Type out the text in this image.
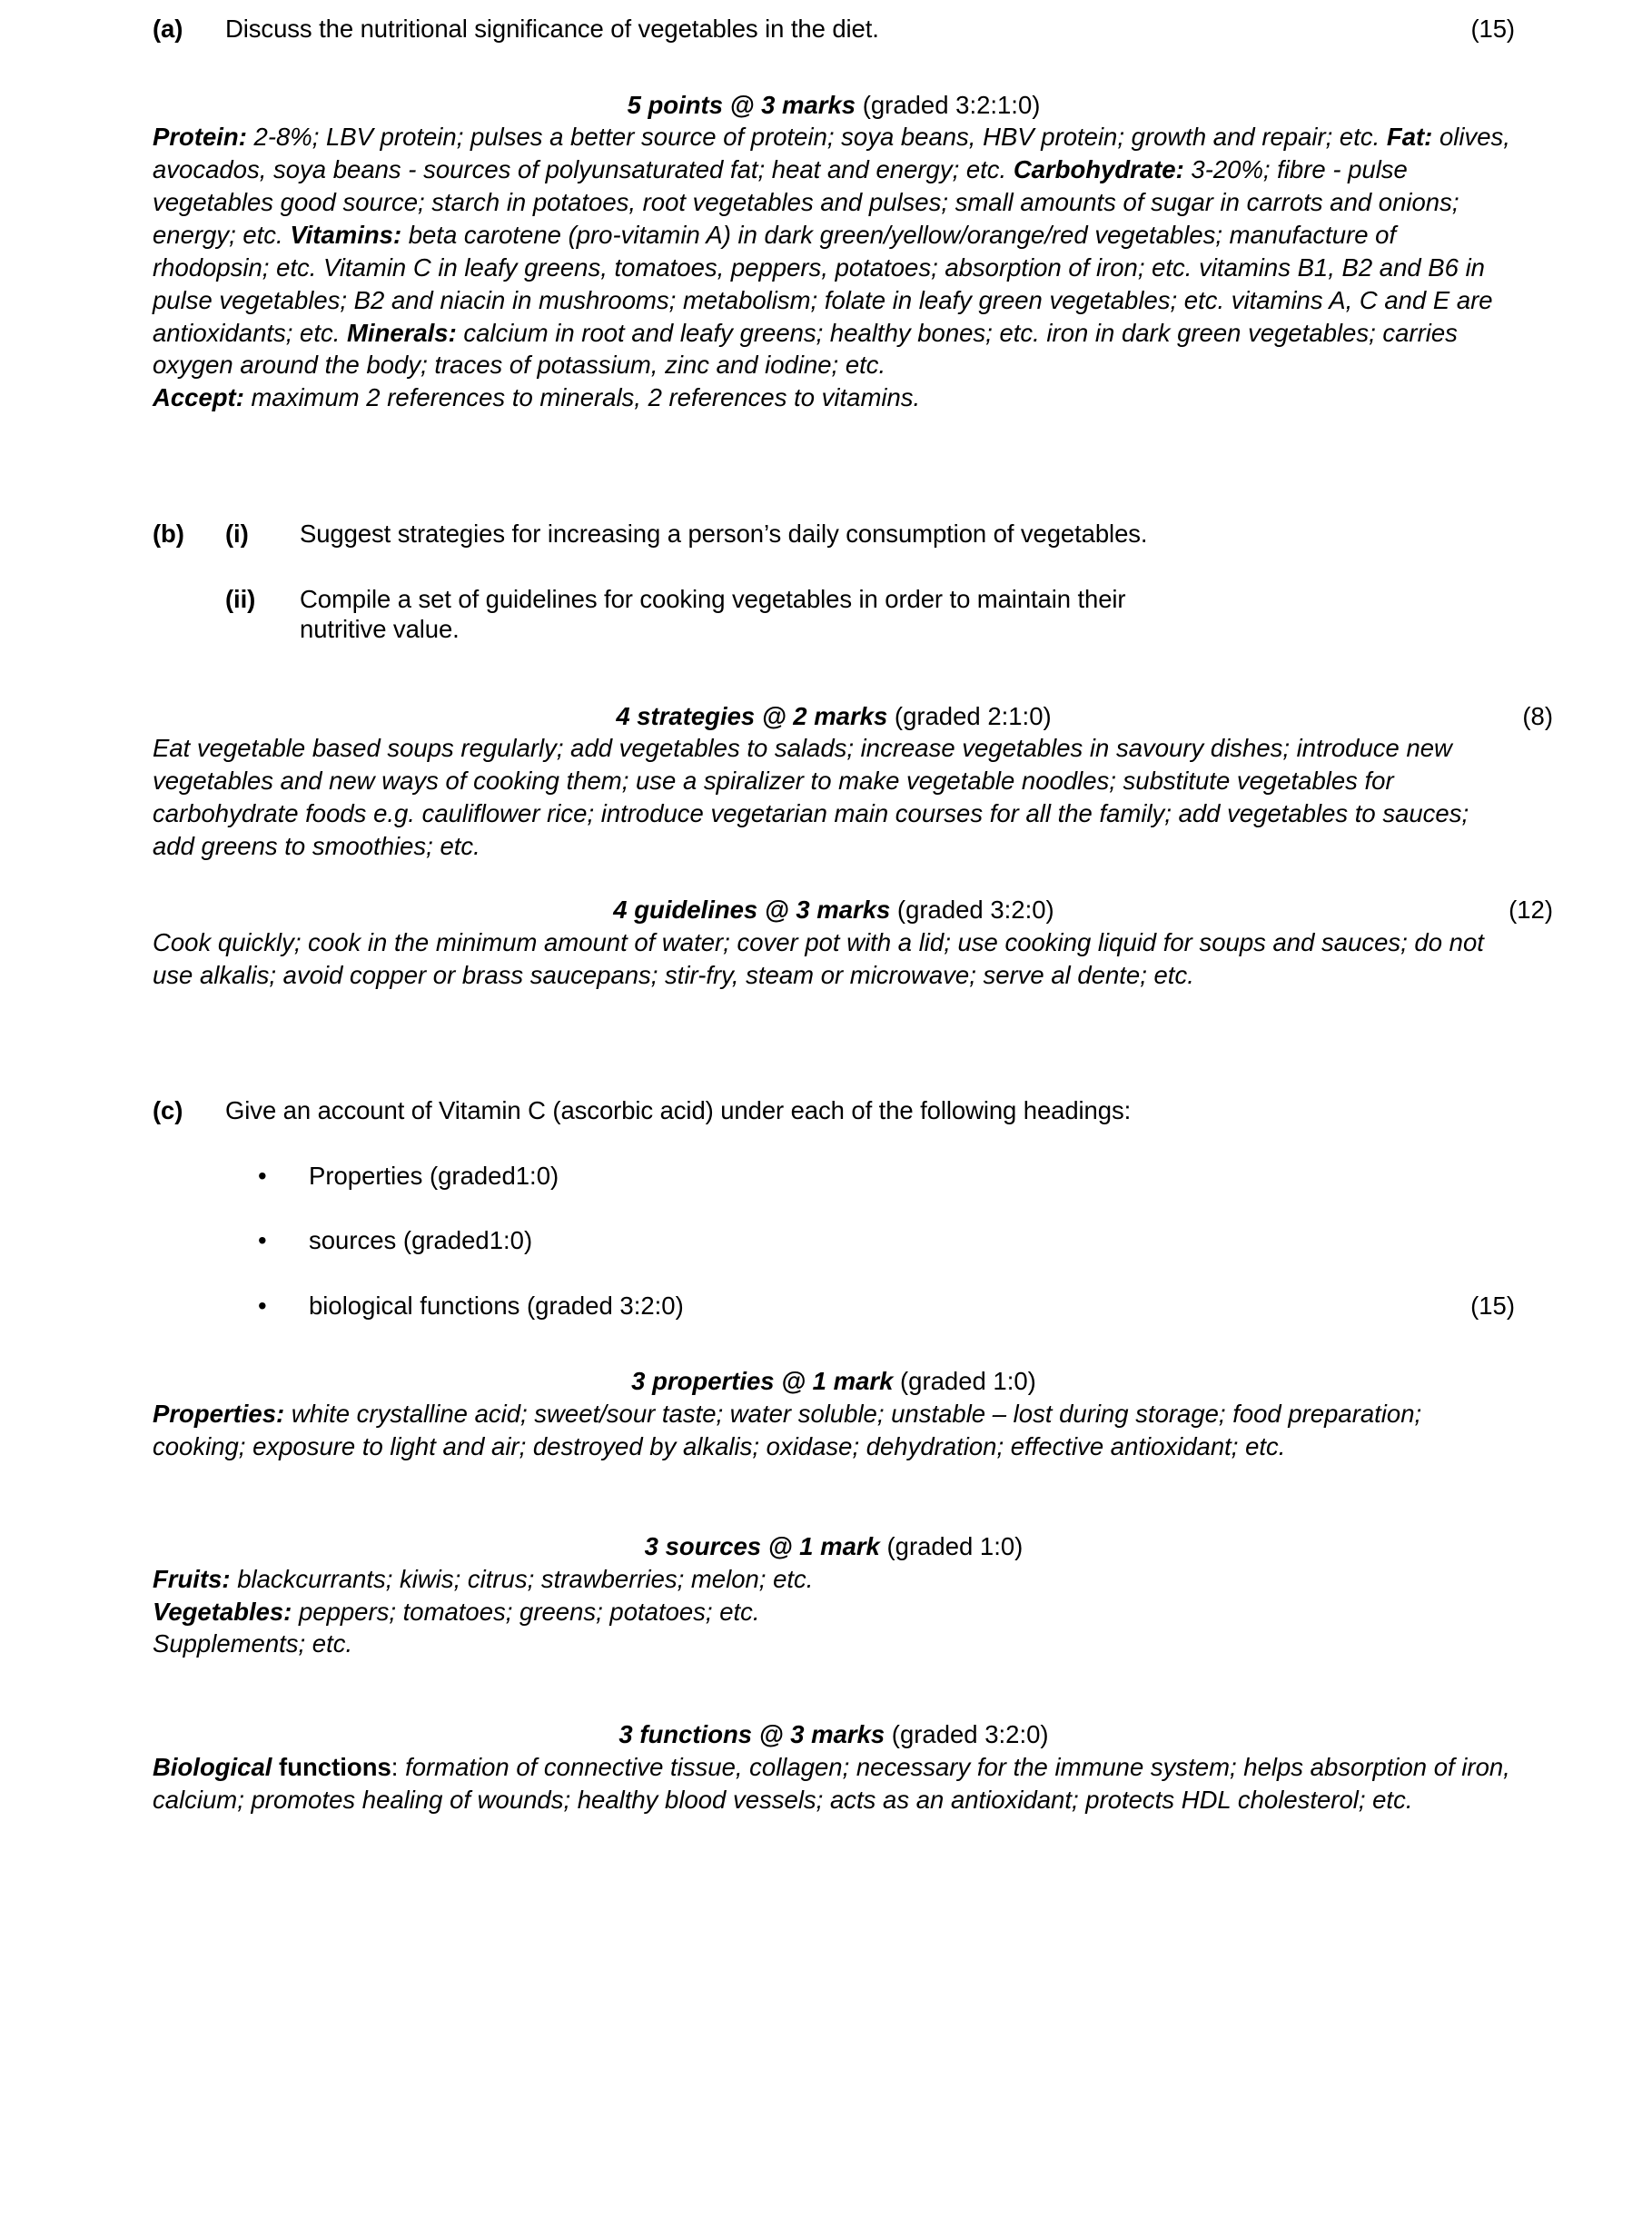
(a)	Discuss the nutritional significance of vegetables in the diet.	(15)
5 points @ 3 marks (graded 3:2:1:0)

Protein: 2-8%; LBV protein; pulses a better source of protein; soya beans, HBV protein; growth and repair; etc. Fat: olives, avocados, soya beans - sources of polyunsaturated fat; heat and energy; etc. Carbohydrate: 3-20%; fibre - pulse vegetables good source; starch in potatoes, root vegetables and pulses; small amounts of sugar in carrots and onions; energy; etc. Vitamins: beta carotene (pro-vitamin A) in dark green/yellow/orange/red vegetables; manufacture of rhodopsin; etc. Vitamin C in leafy greens, tomatoes, peppers, potatoes; absorption of iron; etc. vitamins B1, B2 and B6 in pulse vegetables; B2 and niacin in mushrooms; metabolism; folate in leafy green vegetables; etc. vitamins A, C and E are antioxidants; etc. Minerals: calcium in root and leafy greens; healthy bones; etc. iron in dark green vegetables; carries oxygen around the body; traces of potassium, zinc and iodine; etc.

Accept: maximum 2 references to minerals, 2 references to vitamins.

(b)	(i)	Suggest strategies for increasing a person’s daily consumption of vegetables.
(ii)	Compile a set of guidelines for cooking vegetables in order to maintain their
nutritive value.
4 strategies @ 2 marks (graded 2:1:0)	(8)

Eat vegetable based soups regularly; add vegetables to salads; increase vegetables in savoury dishes; introduce new vegetables and new ways of cooking them; use a spiralizer to make vegetable noodles; substitute vegetables for carbohydrate foods e.g. cauliflower rice; introduce vegetarian main courses for all the family; add vegetables to sauces; add greens to smoothies; etc.

4 guidelines @ 3 marks (graded 3:2:0)	(12)

Cook quickly; cook in the minimum amount of water; cover pot with a lid; use cooking liquid for soups and sauces; do not use alkalis; avoid copper or brass saucepans; stir-fry, steam or microwave; serve al dente; etc.

(c)	Give an account of Vitamin C (ascorbic acid) under each of the following headings:
•	Properties (graded1:0)
•	sources (graded1:0)
•	biological functions (graded 3:2:0)	(15)
3 properties @ 1 mark (graded 1:0)

Properties: white crystalline acid; sweet/sour taste; water soluble; unstable – lost during storage; food preparation; cooking; exposure to light and air; destroyed by alkalis; oxidase; dehydration; effective antioxidant; etc.

3 sources @ 1 mark (graded 1:0)

Fruits: blackcurrants; kiwis; citrus; strawberries; melon; etc.

Vegetables: peppers; tomatoes; greens; potatoes; etc.

Supplements; etc.

3 functions @ 3 marks (graded 3:2:0)

Biological functions: formation of connective tissue, collagen; necessary for the immune system; helps absorption of iron, calcium; promotes healing of wounds; healthy blood vessels; acts as an antioxidant; protects HDL cholesterol; etc.
